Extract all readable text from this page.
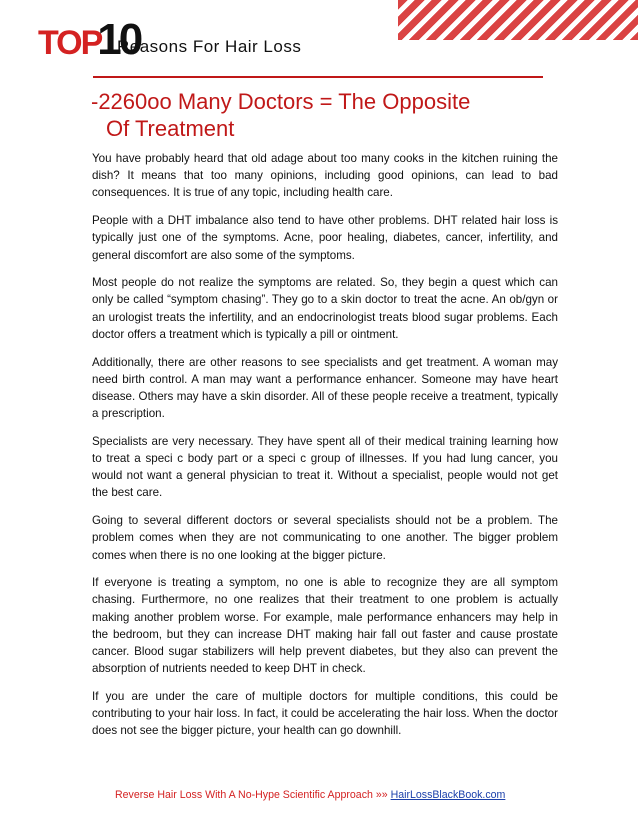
TOP
10
Reasons For Hair Loss
-2260oo Many Doctors = The Opposite
Of Treatment

You have probably heard that old adage about too many cooks in the kitchen ruining the dish? It means that too many opinions, including good opinions, can lead to bad consequences. It is true of any topic, including health care.

People with a DHT imbalance also tend to have other problems. DHT related hair loss is typically just one of the symptoms. Acne, poor healing, diabetes, cancer, infertility, and general discomfort are also some of the symptoms.

Most people do not realize the symptoms are related. So, they begin a quest which can only be called “symptom chasing”. They go to a skin doctor to treat the acne. An ob/gyn or an urologist treats the infertility, and an endocrinologist treats blood sugar problems. Each doctor offers a treatment which is typically a pill or ointment.

Additionally, there are other reasons to see specialists and get treatment. A woman may need birth control. A man may want a performance enhancer. Someone may have heart disease. Others may have a skin disorder. All of these people receive a treatment, typically a prescription.

Specialists are very necessary. They have spent all of their medical training learning how to treat a speci c body part or a speci c group of illnesses. If you had lung cancer, you would not want a general physician to treat it. Without a specialist, people would not get the best care.

Going to several different doctors or several specialists should not be a problem. The problem comes when they are not communicating to one another. The bigger problem comes when there is no one looking at the bigger picture.

If everyone is treating a symptom, no one is able to recognize they are all symptom chasing. Furthermore, no one realizes that their treatment to one problem is actually making another problem worse. For example, male performance enhancers may help in the bedroom, but they can increase DHT making hair fall out faster and cause prostate cancer. Blood sugar stabilizers will help prevent diabetes, but they also can prevent the absorption of nutrients needed to keep DHT in check.

If you are under the care of multiple doctors for multiple conditions, this could be contributing to your hair loss. In fact, it could be accelerating the hair loss. When the doctor does not see the bigger picture, your health can go downhill.

Reverse Hair Loss With A No-Hype Scientific Approach »» HairLossBlackBook.com
